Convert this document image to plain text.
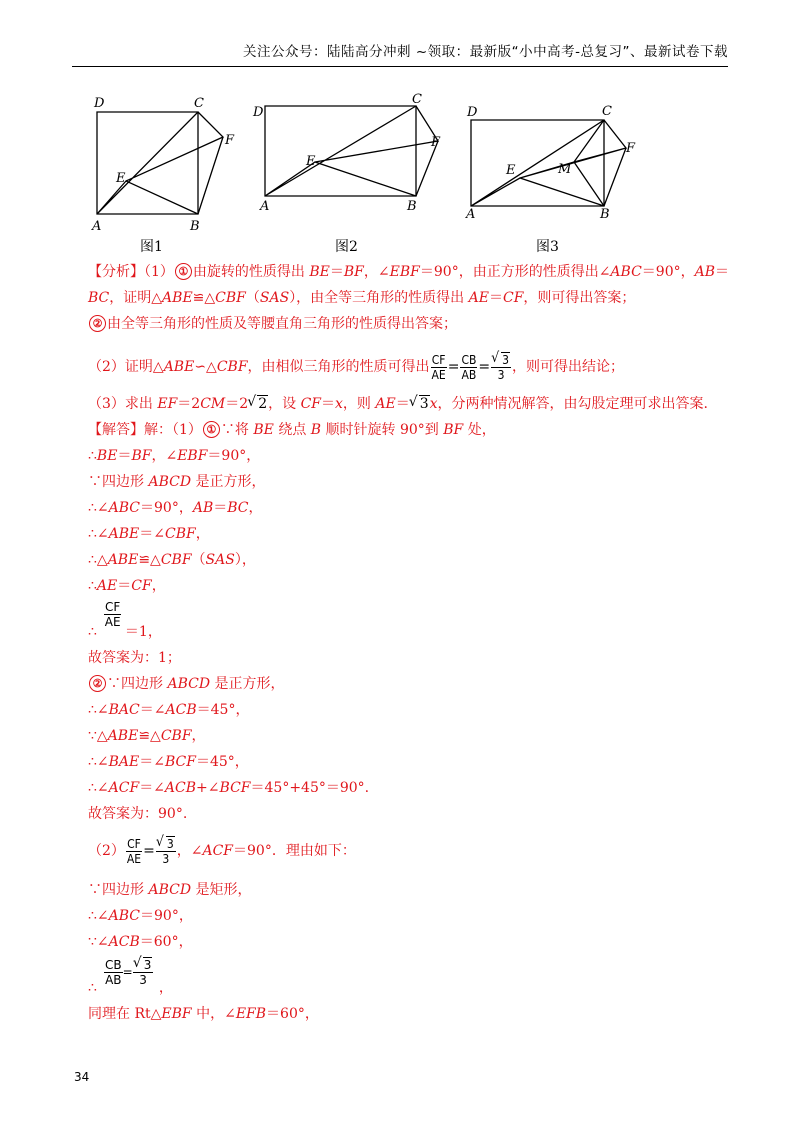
关注公众号：陆陆高分冲刺 ~领取：最新版“小中高考-总复习”、最新试卷下载
D	C
F
E
A	B
D
C
F
E
A	B
D	C
F
E	M
A	B
图1	图2	图3
【分析】（1） ① 由旋转的性质得出 BE＝BF，∠EBF＝90°，由正方形的性质得出∠ABC＝90°，AB＝
BC，证明△ABE≌△CBF（SAS），由全等三角形的性质得出 AE＝CF，则可得出答案；
② 由全等三角形的性质及等腰直角三角形的性质得出答案；
（2）证明△ABE∽△CBF，由相似三角形的性质可得出 $\frac{CF}{AE} = \frac{CB}{AB}$ = √ $\frac{3}{3}$ ，则可得出结论；
（3）求出 EF＝2CM＝2 √ 2，设 CF＝x，则 AE＝ √ 3x，分两种情况解答，由勾股定理可求出答案.
【解答】解：（1） ① ∵将 BE 绕点 B 顺时针旋转 90°到 BF 处，
∴BE＝BF，∠EBF＝90°，
∵四边形 ABCD 是正方形，
∴∠ABC＝90°，AB＝BC，
∴∠ABE＝∠CBF，
∴△ABE≌△CBF（SAS），
∴AE＝CF，
CF
AE
∴ ＝1，
故答案为：1；
② ∵四边形 ABCD 是正方形，
∴∠BAC＝∠ACB＝45°，
∵△ABE≌△CBF，
∴∠BAE＝∠BCF＝45°，
∴∠ACF＝∠ACB+∠BCF＝45°+45°＝90°.
故答案为：90°.
$(2) \frac{CF}{AE}$ = √ $\frac{3}{3}$ ，∠ACF＝90°．理由如下：
∵四边形 ABCD 是矩形，
∴∠ABC＝90°，
∵∠ACB＝60°，
$\frac{CB}{AB}$ = √ $\frac{3}{3}$
∴	，
同理在 Rt△EBF 中，∠EFB＝60°，
34
